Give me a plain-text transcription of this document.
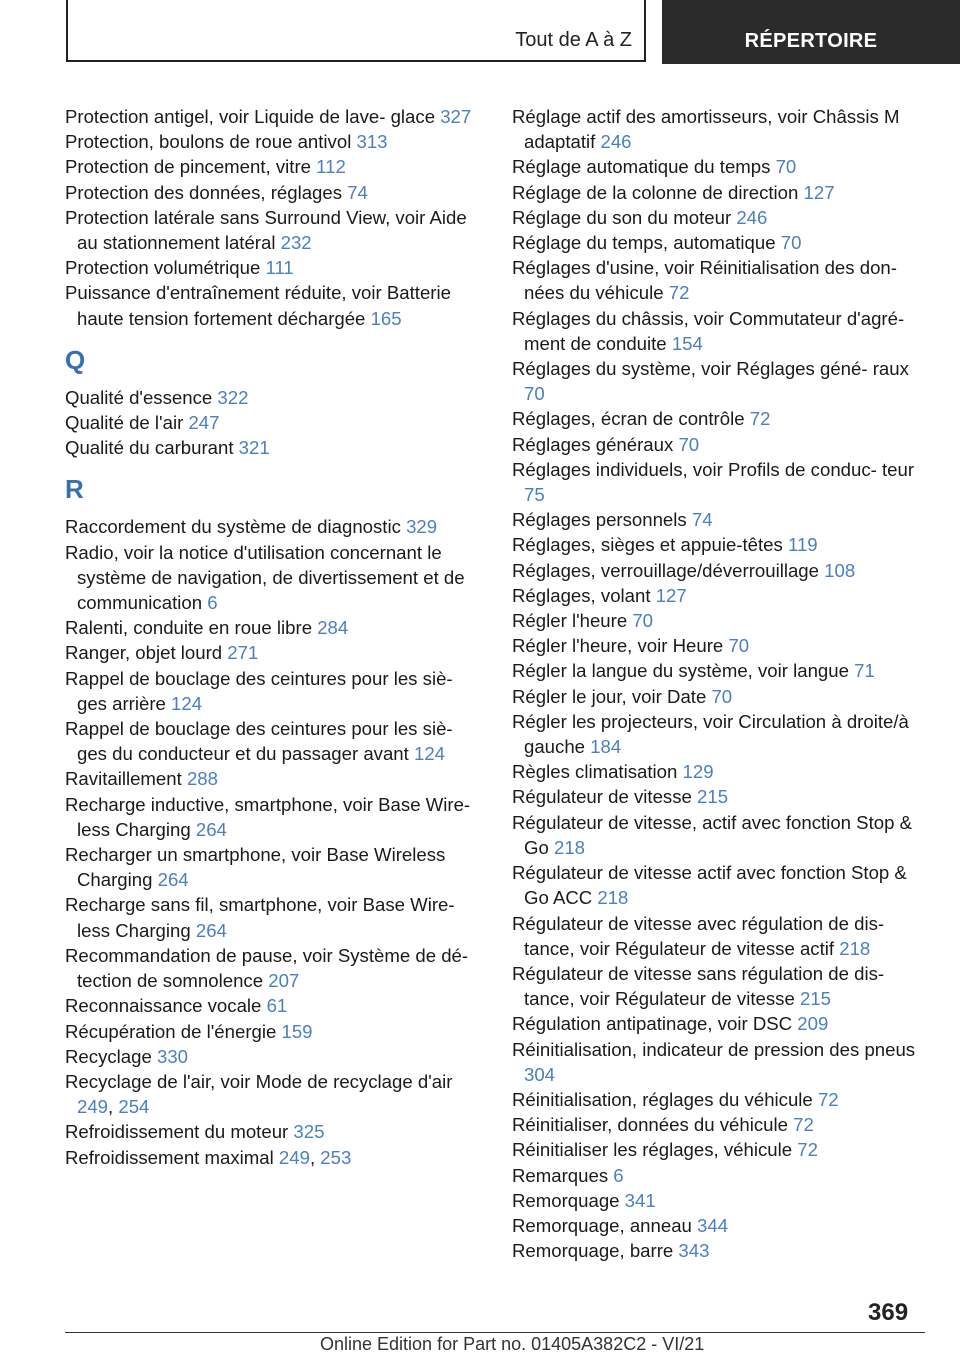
Tout de A à Z	RÉPERTOIRE
Protection antigel, voir Liquide de lave- glace 327
Protection, boulons de roue antivol 313
Protection de pincement, vitre 112
Protection des données, réglages 74
Protection latérale sans Surround View, voir Aide au stationnement latéral 232
Protection volumétrique 111
Puissance d'entraînement réduite, voir Batterie haute tension fortement déchargée 165
Q
Qualité d'essence 322
Qualité de l'air 247
Qualité du carburant 321
R
Raccordement du système de diagnostic 329
Radio, voir la notice d'utilisation concernant le système de navigation, de divertissement et de communication 6
Ralenti, conduite en roue libre 284
Ranger, objet lourd 271
Rappel de bouclage des ceintures pour les siè- ges arrière 124
Rappel de bouclage des ceintures pour les siè- ges du conducteur et du passager avant 124
Ravitaillement 288
Recharge inductive, smartphone, voir Base Wire- less Charging 264
Recharger un smartphone, voir Base Wireless Charging 264
Recharge sans fil, smartphone, voir Base Wire- less Charging 264
Recommandation de pause, voir Système de dé- tection de somnolence 207
Reconnaissance vocale 61
Récupération de l'énergie 159
Recyclage 330
Recyclage de l'air, voir Mode de recyclage d'air 249, 254
Refroidissement du moteur 325
Refroidissement maximal 249, 253
Réglage actif des amortisseurs, voir Châssis M adaptatif 246
Réglage automatique du temps 70
Réglage de la colonne de direction 127
Réglage du son du moteur 246
Réglage du temps, automatique 70
Réglages d'usine, voir Réinitialisation des don- nées du véhicule 72
Réglages du châssis, voir Commutateur d'agré- ment de conduite 154
Réglages du système, voir Réglages géné- raux 70
Réglages, écran de contrôle 72
Réglages généraux 70
Réglages individuels, voir Profils de conduc- teur 75
Réglages personnels 74
Réglages, sièges et appuie-têtes 119
Réglages, verrouillage/déverrouillage 108
Réglages, volant 127
Régler l'heure 70
Régler l'heure, voir Heure 70
Régler la langue du système, voir langue 71
Régler le jour, voir Date 70
Régler les projecteurs, voir Circulation à droite/à gauche 184
Règles climatisation 129
Régulateur de vitesse 215
Régulateur de vitesse, actif avec fonction Stop & Go 218
Régulateur de vitesse actif avec fonction Stop & Go ACC 218
Régulateur de vitesse avec régulation de dis- tance, voir Régulateur de vitesse actif 218
Régulateur de vitesse sans régulation de dis- tance, voir Régulateur de vitesse 215
Régulation antipatinage, voir DSC 209
Réinitialisation, indicateur de pression des pneus 304
Réinitialisation, réglages du véhicule 72
Réinitialiser, données du véhicule 72
Réinitialiser les réglages, véhicule 72
Remarques 6
Remorquage 341
Remorquage, anneau 344
Remorquage, barre 343
369
Online Edition for Part no. 01405A382C2 - VI/21
